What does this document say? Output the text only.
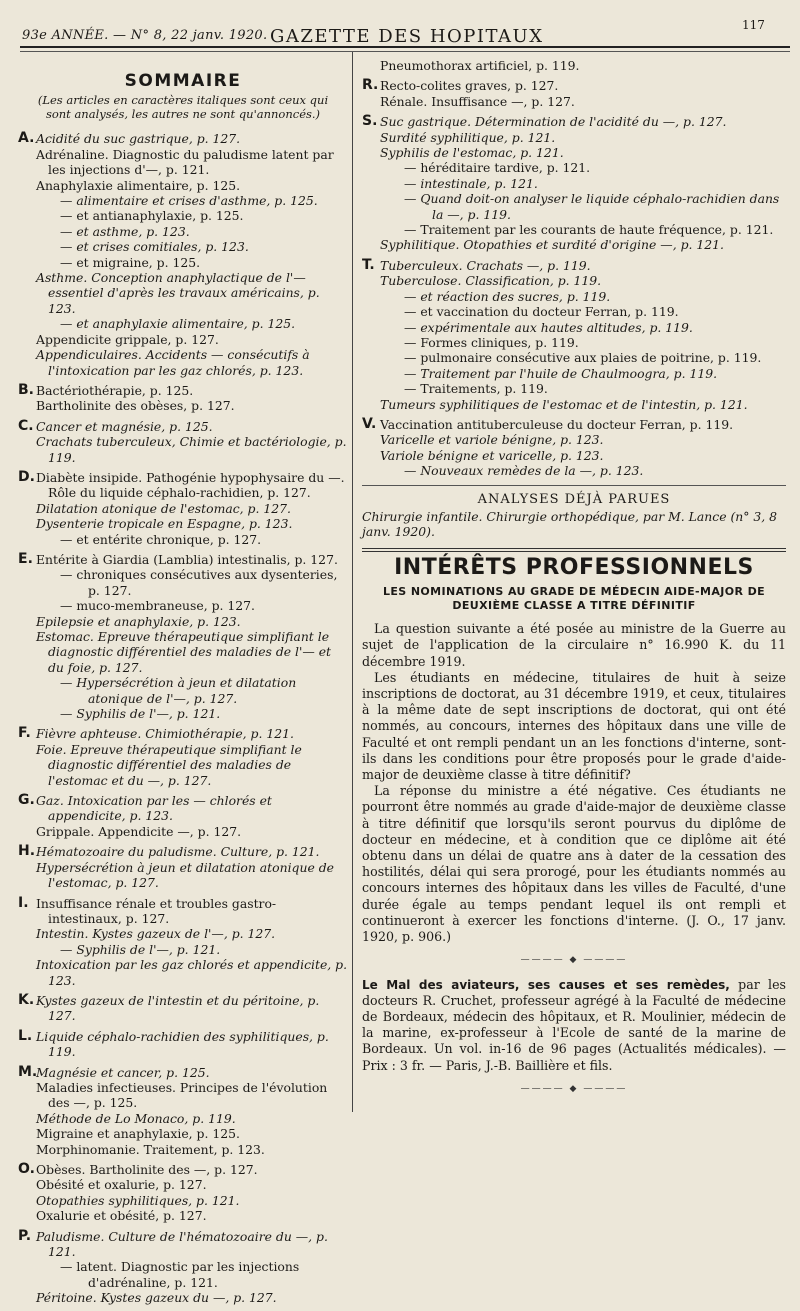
93e ANNÉE. — N° 8, 22 janv. 1920. GAZETTE DES HOPITAUX
117
SOMMAIRE
(Les articles en caractères italiques sont ceux qui sont analysés, les autres ne sont qu'annoncés.)
A. Acidité du suc gastrique, p. 127.
Adrénaline. Diagnostic du paludisme latent par les injections d'—, p. 121.
Anaphylaxie alimentaire, p. 125.
— alimentaire et crises d'asthme, p. 125.
— et antianaphylaxie, p. 125.
— et asthme, p. 123.
— et crises comitiales, p. 123.
— et migraine, p. 125.
Asthme. Conception anaphylactique de l'— essentiel d'après les travaux américains, p. 123.
— et anaphylaxie alimentaire, p. 125.
Appendicite grippale, p. 127.
Appendiculaires. Accidents — consécutifs à l'intoxication par les gaz chlorés, p. 123.
B. Bactériothérapie, p. 125.
Bartholinite des obèses, p. 127.
C. Cancer et magnésie, p. 125.
Crachats tuberculeux, Chimie et bactériologie, p. 119.
D. Diabète insipide. Pathogénie hypophysaire du —. Rôle du liquide céphalo-rachidien, p. 127.
Dilatation atonique de l'estomac, p. 127.
Dysenterie tropicale en Espagne, p. 123.
— et entérite chronique, p. 127.
E. Entérite à Giardia (Lamblia) intestinalis, p. 127.
— chroniques consécutives aux dysenteries, p. 127.
— muco-membraneuse, p. 127.
Epilepsie et anaphylaxie, p. 123.
Estomac. Epreuve thérapeutique simplifiant le diagnostic différentiel des maladies de l'— et du foie, p. 127.
— Hypersécrétion à jeun et dilatation atonique de l'—, p. 127.
— Syphilis de l'—, p. 121.
F. Fièvre aphteuse. Chimiothérapie, p. 121.
Foie. Epreuve thérapeutique simplifiant le diagnostic différentiel des maladies de l'estomac et du —, p. 127.
G. Gaz. Intoxication par les — chlorés et appendicite, p. 123.
Grippale. Appendicite —, p. 127.
H. Hématozoaire du paludisme. Culture, p. 121.
Hypersécrétion à jeun et dilatation atonique de l'estomac, p. 127.
I. Insuffisance rénale et troubles gastro-intestinaux, p. 127.
Intestin. Kystes gazeux de l'—, p. 127.
— Syphilis de l'—, p. 121.
Intoxication par les gaz chlorés et appendicite, p. 123.
K. Kystes gazeux de l'intestin et du péritoine, p. 127.
L. Liquide céphalo-rachidien des syphilitiques, p. 119.
M.
Magnésie et cancer, p. 125.
Maladies infectieuses. Principes de l'évolution des —, p. 125.
Méthode de Lo Monaco, p. 119.
Migraine et anaphylaxie, p. 125.
Morphinomanie. Traitement, p. 123.
O. Obèses. Bartholinite des —, p. 127.
Obésité et oxalurie, p. 127.
Otopathies syphilitiques, p. 121.
Oxalurie et obésité, p. 127.
P. Paludisme. Culture de l'hématozoaire du —, p. 121.
— latent. Diagnostic par les injections d'adrénaline, p. 121.
Péritoine. Kystes gazeux du —, p. 127.
Pneumothorax artificiel, p. 119.
R. Recto-colites graves, p. 127.
Rénale. Insuffisance —, p. 127.
S. Suc gastrique. Détermination de l'acidité du —, p. 127.
Surdité syphilitique, p. 121.
Syphilis de l'estomac, p. 121.
— héréditaire tardive, p. 121.
— intestinale, p. 121.
— Quand doit-on analyser le liquide céphalo-rachidien dans la —, p. 119.
— Traitement par les courants de haute fréquence, p. 121.
Syphilitique. Otopathies et surdité d'origine —, p. 121.
T. Tuberculeux. Crachats —, p. 119.
Tuberculose. Classification, p. 119.
— et réaction des sucres, p. 119.
— et vaccination du docteur Ferran, p. 119.
— expérimentale aux hautes altitudes, p. 119.
— Formes cliniques, p. 119.
— pulmonaire consécutive aux plaies de poitrine, p. 119.
— Traitement par l'huile de Chaulmoogra, p. 119.
— Traitements, p. 119.
Tumeurs syphilitiques de l'estomac et de l'intestin, p. 121.
V. Vaccination antituberculeuse du docteur Ferran, p. 119.
Varicelle et variole bénigne, p. 123.
Variole bénigne et varicelle, p. 123.
— Nouveaux remèdes de la —, p. 123.
ANALYSES DÉJÀ PARUES
Chirurgie infantile. Chirurgie orthopédique, par M. Lance (n° 3, 8 janv. 1920).
INTÉRÊTS PROFESSIONNELS
LES NOMINATIONS AU GRADE DE MÉDECIN AIDE-MAJOR DE DEUXIÈME CLASSE A TITRE DÉFINITIF

La question suivante a été posée au ministre de la Guerre au sujet de l'application de la circulaire n° 16.990 K. du 11 décembre 1919.

Les étudiants en médecine, titulaires de huit à seize inscriptions de doctorat, au 31 décembre 1919, et ceux, titulaires à la même date de sept inscriptions de doctorat, qui ont été nommés, au concours, internes des hôpitaux dans une ville de Faculté et ont rempli pendant un an les fonctions d'interne, sont-ils dans les conditions pour être proposés pour le grade d'aide-major de deuxième classe à titre définitif?

La réponse du ministre a été négative. Ces étudiants ne pourront être nommés au grade d'aide-major de deuxième classe à titre définitif que lorsqu'ils seront pourvus du diplôme de docteur en médecine, et à condition que ce diplôme ait été obtenu dans un délai de quatre ans à dater de la cessation des hostilités, délai qui sera prorogé, pour les étudiants nommés au concours internes des hôpitaux dans les villes de Faculté, d'une durée égale au temps pendant lequel ils ont rempli et continueront à exercer les fonctions d'interne. (J. O., 17 janv. 1920, p. 906.)

———— ◆ ————

Le Mal des aviateurs, ses causes et ses remèdes, par les docteurs R. Cruchet, professeur agrégé à la Faculté de médecine de Bordeaux, médecin des hôpitaux, et R. Moulinier, médecin de la marine, ex-professeur à l'Ecole de santé de la marine de Bordeaux. Un vol. in-16 de 96 pages (Actualités médicales). — Prix : 3 fr. — Paris, J.-B. Baillière et fils.

———— ◆ ————
